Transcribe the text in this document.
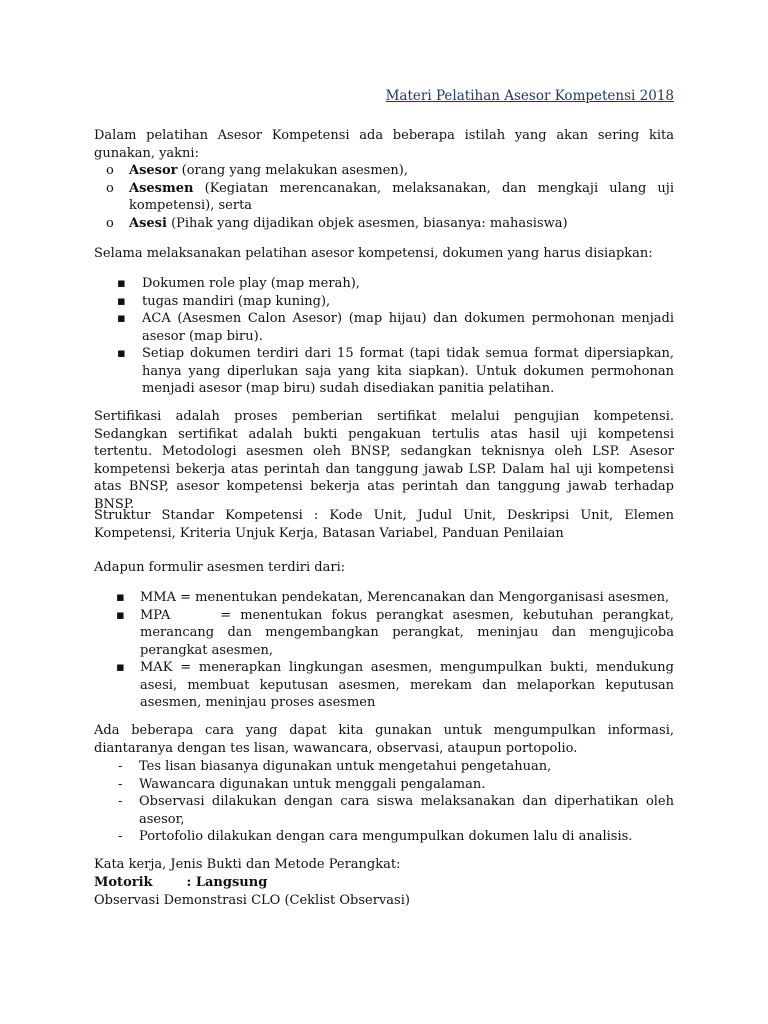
Materi Pelatihan Asesor Kompetensi 2018
Dalam pelatihan Asesor Kompetensi ada beberapa istilah yang akan sering kita gunakan, yakni:
o Asesor (orang yang melakukan asesmen),
o Asesmen (Kegiatan merencanakan, melaksanakan, dan mengkaji ulang uji kompetensi), serta
o Asesi (Pihak yang dijadikan objek asesmen, biasanya: mahasiswa)
Selama melaksanakan pelatihan asesor kompetensi, dokumen yang harus disiapkan:
▪ Dokumen role play (map merah),
▪ tugas mandiri (map kuning),
▪ ACA (Asesmen Calon Asesor) (map hijau) dan dokumen permohonan menjadi asesor (map biru).
▪ Setiap dokumen terdiri dari 15 format (tapi tidak semua format dipersiapkan, hanya yang diperlukan saja yang kita siapkan). Untuk dokumen permohonan menjadi asesor (map biru) sudah disediakan panitia pelatihan.
Sertifikasi adalah proses pemberian sertifikat melalui pengujian kompetensi. Sedangkan sertifikat adalah bukti pengakuan tertulis atas hasil uji kompetensi tertentu. Metodologi asesmen oleh BNSP, sedangkan teknisnya oleh LSP. Asesor kompetensi bekerja atas perintah dan tanggung jawab LSP. Dalam hal uji kompetensi atas BNSP, asesor kompetensi bekerja atas perintah dan tanggung jawab terhadap BNSP.
Struktur Standar Kompetensi : Kode Unit, Judul Unit, Deskripsi Unit, Elemen Kompetensi, Kriteria Unjuk Kerja, Batasan Variabel, Panduan Penilaian
Adapun formulir asesmen terdiri dari:
▪ MMA = menentukan pendekatan, Merencanakan dan Mengorganisasi asesmen,
▪ MPA	= menentukan fokus perangkat asesmen, kebutuhan perangkat, merancang dan mengembangkan perangkat, meninjau dan mengujicoba perangkat asesmen,
▪ MAK = menerapkan lingkungan asesmen, mengumpulkan bukti, mendukung asesi, membuat keputusan asesmen, merekam dan melaporkan keputusan asesmen, meninjau proses asesmen
Ada beberapa cara yang dapat kita gunakan untuk mengumpulkan informasi, diantaranya dengan tes lisan, wawancara, observasi, ataupun portopolio.
- Tes lisan biasanya digunakan untuk mengetahui pengetahuan,
- Wawancara digunakan untuk menggali pengalaman.
- Observasi dilakukan dengan cara siswa melaksanakan dan diperhatikan oleh asesor,
- Portofolio dilakukan dengan cara mengumpulkan dokumen lalu di analisis.
Kata kerja, Jenis Bukti dan Metode Perangkat:
Motorik	: Langsung
Observasi Demonstrasi CLO (Ceklist Observasi)
